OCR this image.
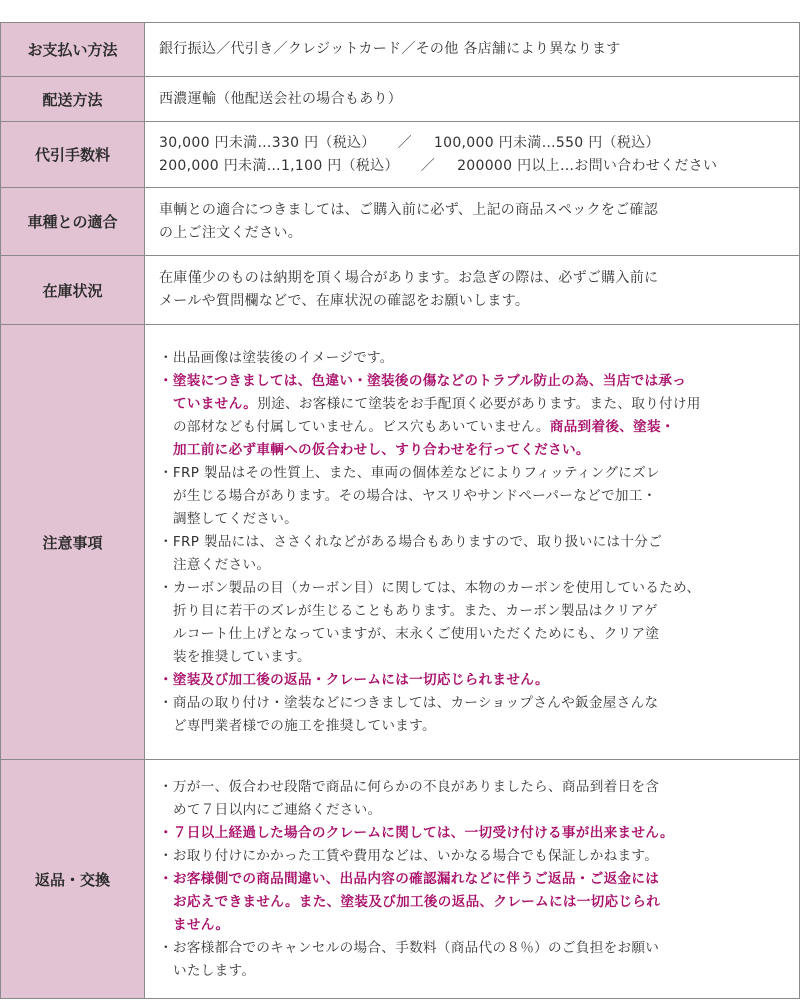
お支払い方法	銀行振込／代引き／クレジットカード／その他 各店舗により異なります
配送方法	西濃運輸（他配送会社の場合もあり）
代引手数料
30,000 円未満…330 円（税込） ／ 100,000 円未満…550 円（税込）
200,000 円未満…1,100 円（税込） ／ 200000 円以上…お問い合わせください
車種との適合
車輌との適合につきましては、ご購入前に必ず、上記の商品スペックをご確認
の上ご注文ください。
在庫状況
在庫僅少のものは納期を頂く場合があります。お急ぎの際は、必ずご購入前に
メールや質問欄などで、在庫状況の確認をお願いします。
注意事項
・出品画像は塗装後のイメージです。
・塗装につきましては、色違い・塗装後の傷などのトラブル防止の為、当店では承っ
ていません。別途、お客様にて塗装をお手配頂く必要があります。また、取り付け用
の部材なども付属していません。ビス穴もあいていません。商品到着後、塗装・
加工前に必ず車輌への仮合わせし、すり合わせを行ってください。
・FRP 製品はその性質上、また、車両の個体差などによりフィッティングにズレ
が生じる場合があります。その場合は、ヤスリやサンドペーパーなどで加工・
調整してください。
・FRP 製品には、ささくれなどがある場合もありますので、取り扱いには十分ご
注意ください。
・カーボン製品の目（カーボン目）に関しては、本物のカーボンを使用しているため、
折り目に若干のズレが生じることもあります。また、カーボン製品はクリアゲ
ルコート仕上げとなっていますが、末永くご使用いただくためにも、クリア塗
装を推奨しています。
・塗装及び加工後の返品・クレームには一切応じられません。
・商品の取り付け・塗装などにつきましては、カーショップさんや鈑金屋さんな
ど専門業者様での施工を推奨しています。
返品・交換
・万が一、仮合わせ段階で商品に何らかの不良がありましたら、商品到着日を含
めて７日以内にご連絡ください。
・７日以上経過した場合のクレームに関しては、一切受け付ける事が出来ません。
・お取り付けにかかった工賃や費用などは、いかなる場合でも保証しかねます。
・お客様側での商品間違い、出品内容の確認漏れなどに伴うご返品・ご返金には
お応えできません。また、塗装及び加工後の返品、クレームには一切応じられ
ません。
・お客様都合でのキャンセルの場合、手数料（商品代の８％）のご負担をお願い
いたします。
